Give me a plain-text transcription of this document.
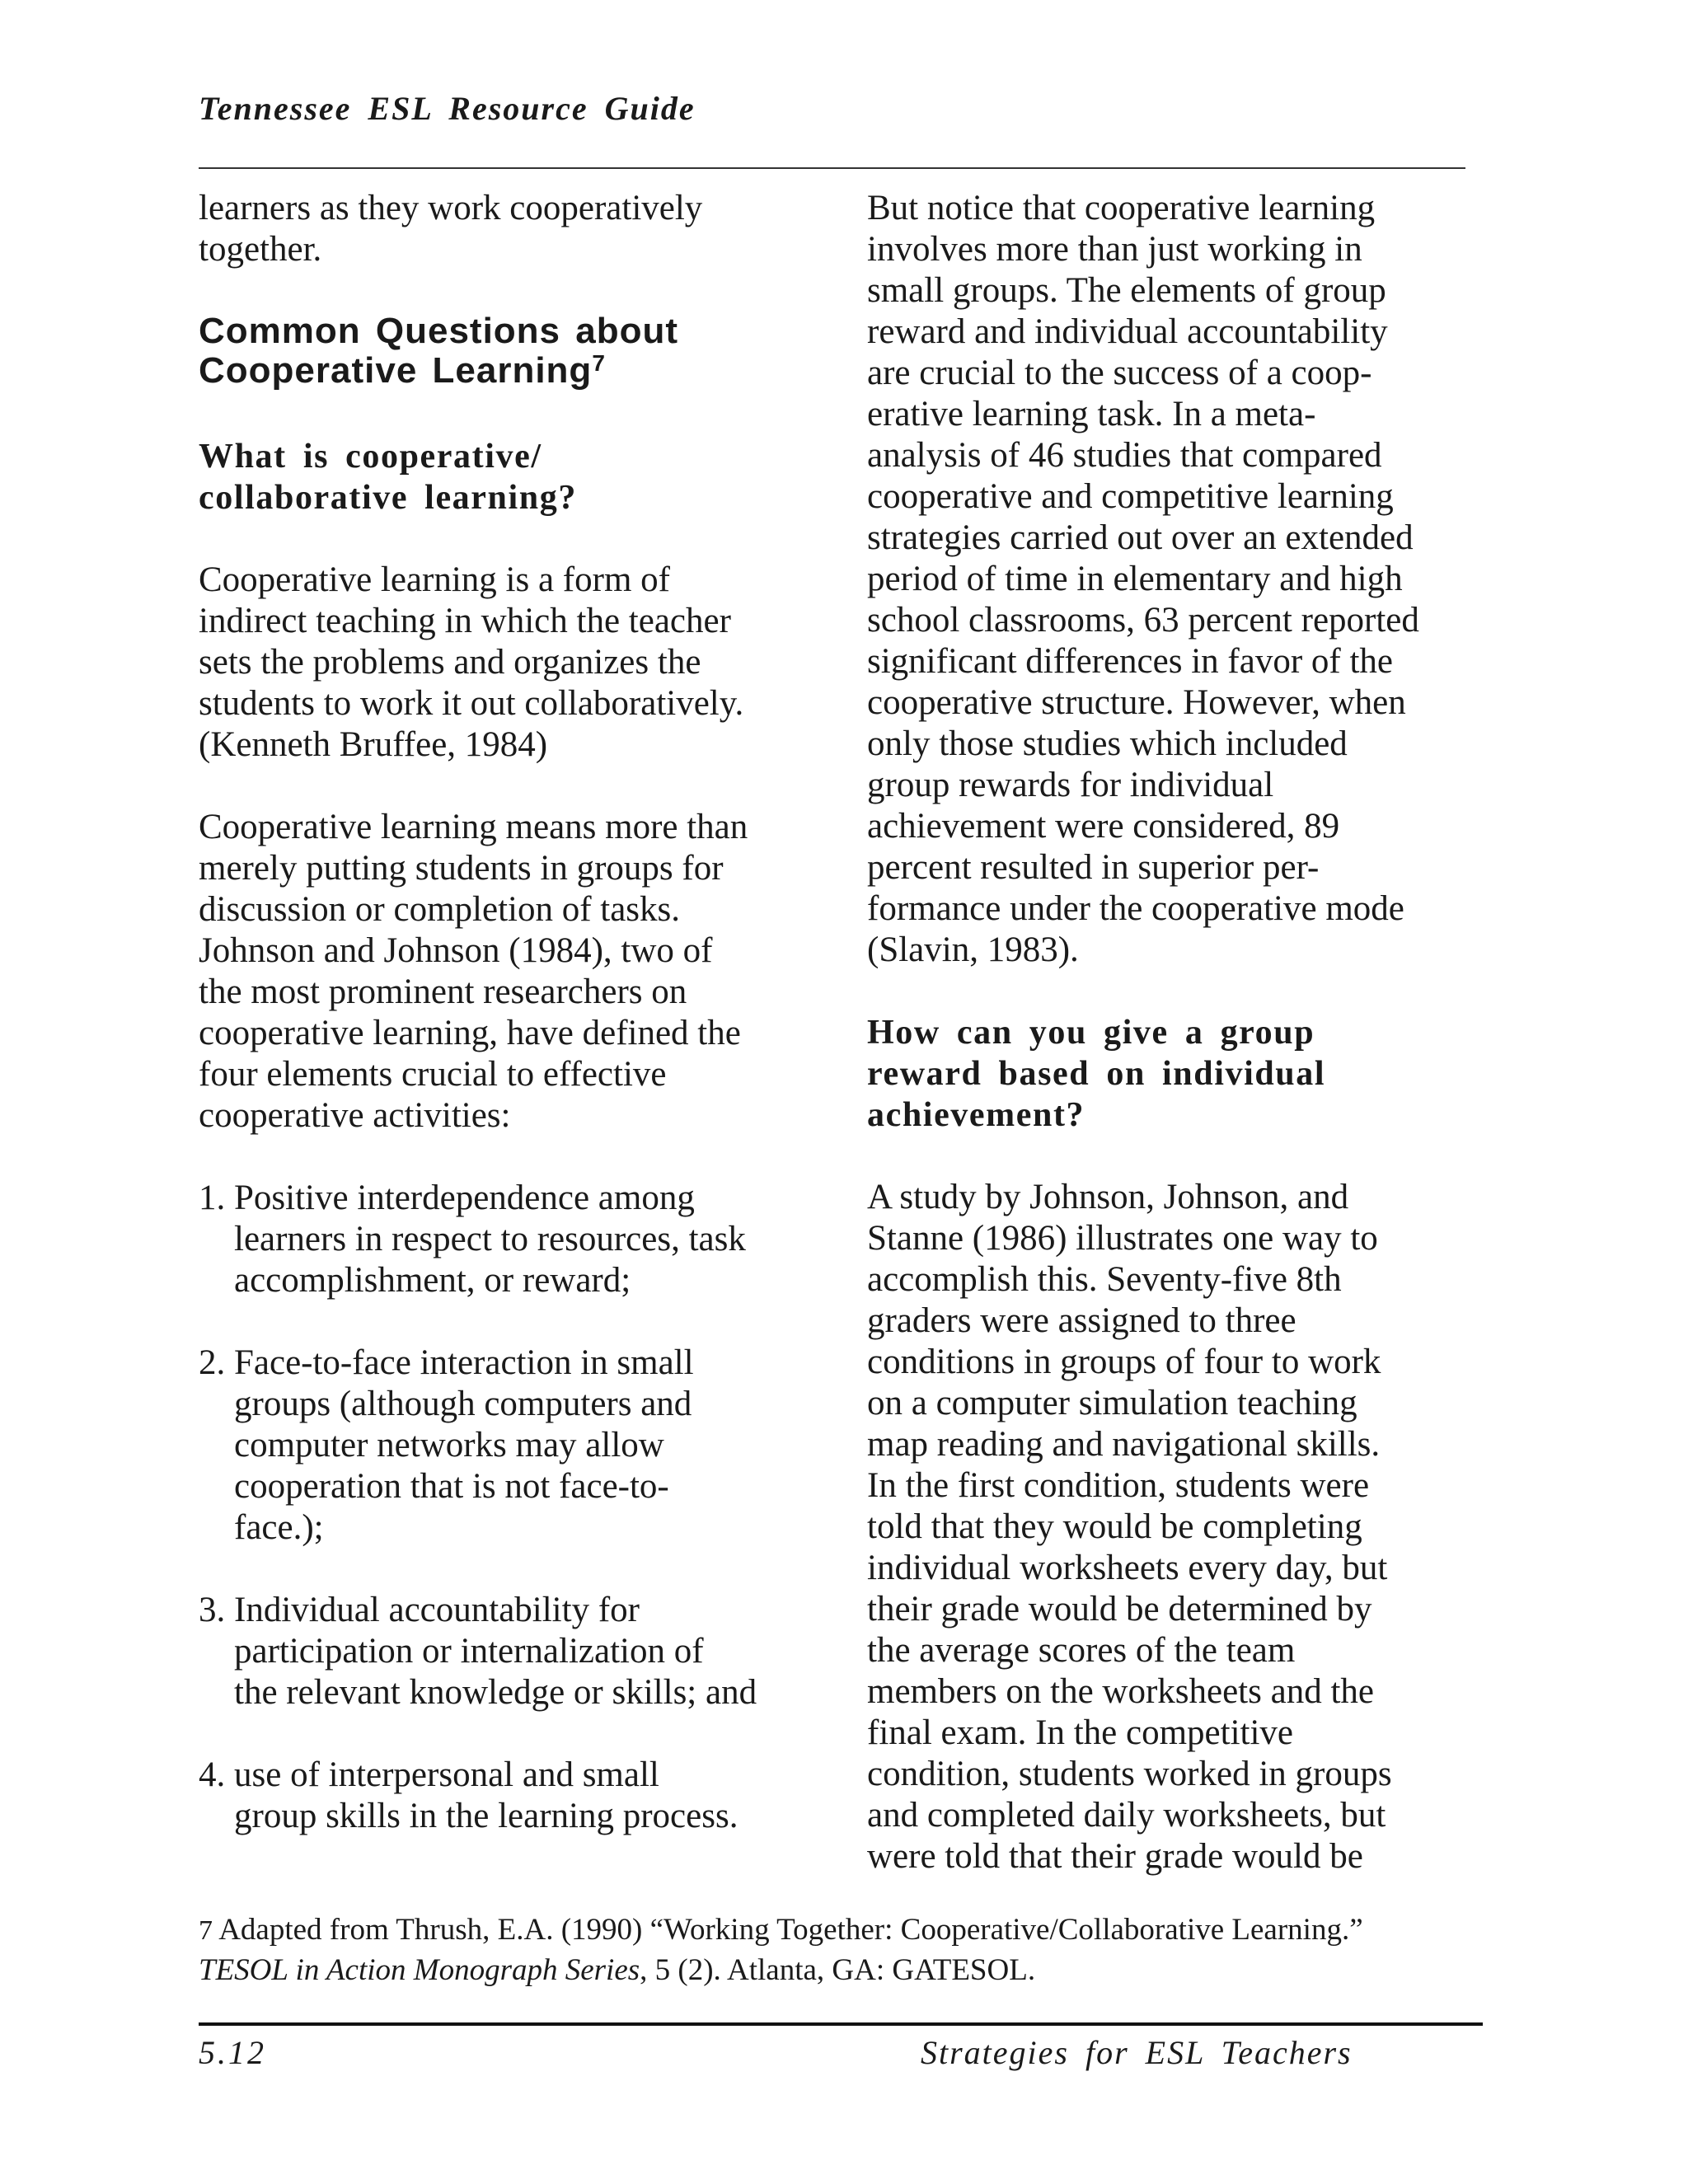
Tennessee ESL Resource Guide
learners as they work cooperatively
together.
Common Questions about
Cooperative Learning$^7$
What is cooperative/
collaborative learning?
Cooperative learning is a form of
indirect teaching in which the teacher
sets the problems and organizes the
students to work it out collaboratively.
(Kenneth Bruffee, 1984)
Cooperative learning means more than
merely putting students in groups for
discussion or completion of tasks.
Johnson and Johnson (1984), two of
the most prominent researchers on
cooperative learning, have defined the
four elements crucial to effective
cooperative activities:
1. Positive interdependence among
learners in respect to resources, task
accomplishment, or reward;
2. Face-to-face interaction in small
groups (although computers and
computer networks may allow
cooperation that is not face-to-
face.);
3. Individual accountability for
participation or internalization of
the relevant knowledge or skills; and
4. use of interpersonal and small
group skills in the learning process.
But notice that cooperative learning
involves more than just working in
small groups. The elements of group
reward and individual accountability
are crucial to the success of a coop-
erative learning task. In a meta-
analysis of 46 studies that compared
cooperative and competitive learning
strategies carried out over an extended
period of time in elementary and high
school classrooms, 63 percent reported
significant differences in favor of the
cooperative structure. However, when
only those studies which included
group rewards for individual
achievement were considered, 89
percent resulted in superior per-
formance under the cooperative mode
(Slavin, 1983).
How can you give a group
reward based on individual
achievement?
A study by Johnson, Johnson, and
Stanne (1986) illustrates one way to
accomplish this. Seventy-five 8th
graders were assigned to three
conditions in groups of four to work
on a computer simulation teaching
map reading and navigational skills.
In the first condition, students were
told that they would be completing
individual worksheets every day, but
their grade would be determined by
the average scores of the team
members on the worksheets and the
final exam. In the competitive
condition, students worked in groups
and completed daily worksheets, but
were told that their grade would be
7 Adapted from Thrush, E.A. (1990) “Working Together: Cooperative/Collaborative Learning.”
TESOL in Action Monograph Series, 5 (2). Atlanta, GA: GATESOL.
5.12	Strategies for ESL Teachers
